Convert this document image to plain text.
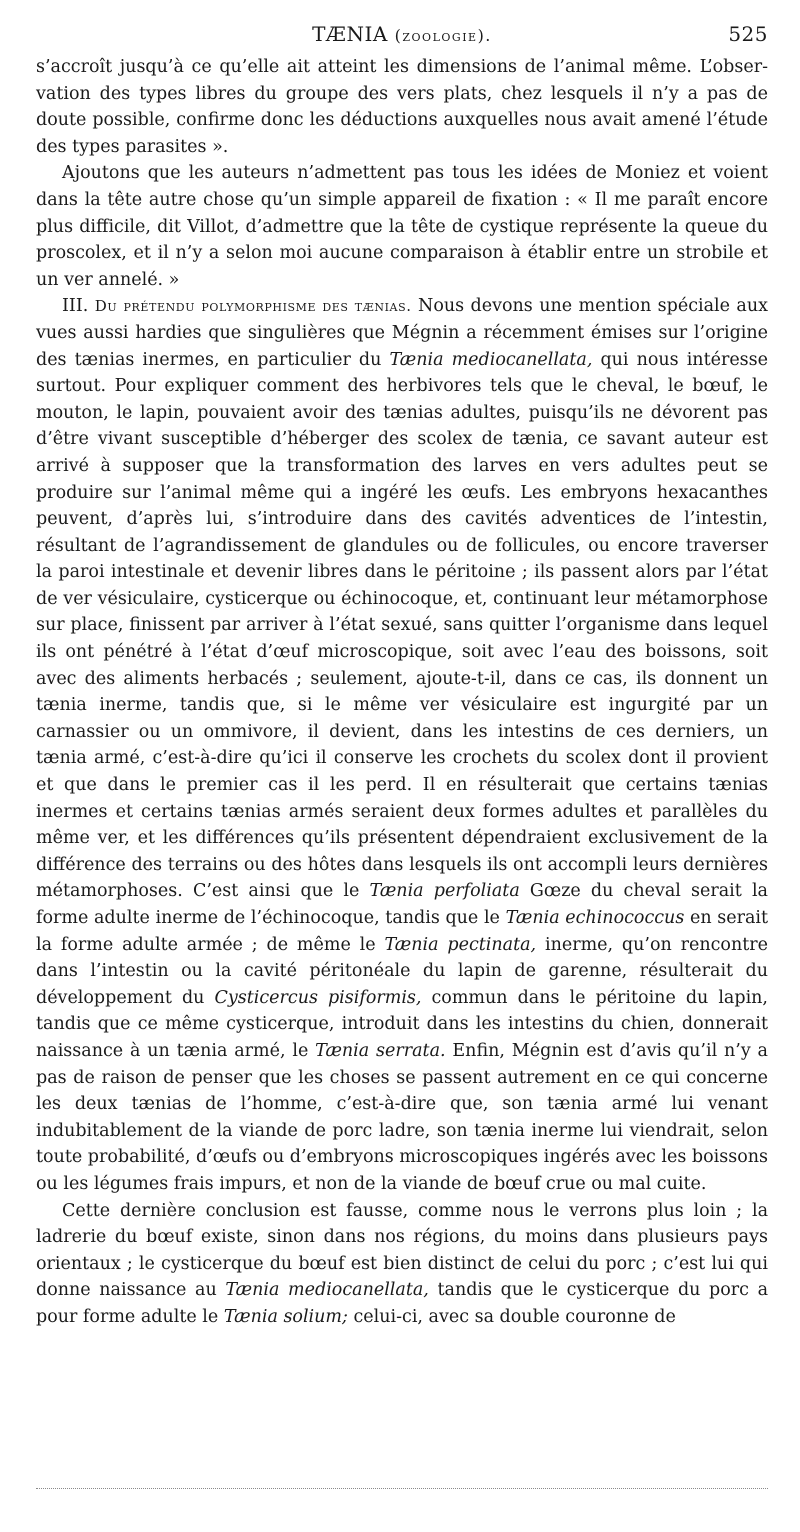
TÆNIA (zoologie).	525

s’accroît jusqu’à ce qu’elle ait atteint les dimensions de l’animal même. L’observation des types libres du groupe des vers plats, chez lesquels il n’y a pas de doute possible, confirme donc les déductions auxquelles nous avait amené l’étude des types parasites ».

Ajoutons que les auteurs n’admettent pas tous les idées de Moniez et voient dans la tête autre chose qu’un simple appareil de fixation : « Il me paraît encore plus difficile, dit Villot, d’admettre que la tête de cystique représente la queue du proscolex, et il n’y a selon moi aucune comparaison à établir entre un strobile et un ver annelé. »

III. Du prétendu polymorphisme des tænias. Nous devons une mention spéciale aux vues aussi hardies que singulières que Mégnin a récemment émises sur l’origine des tænias inermes, en particulier du Tænia mediocanellata, qui nous intéresse surtout. Pour expliquer comment des herbivores tels que le cheval, le bœuf, le mouton, le lapin, pouvaient avoir des tænias adultes, puisqu’ils ne dévorent pas d’être vivant susceptible d’héberger des scolex de tænia, ce savant auteur est arrivé à supposer que la transformation des larves en vers adultes peut se produire sur l’animal même qui a ingéré les œufs. Les embryons hexacanthes peuvent, d’après lui, s’introduire dans des cavités adventices de l’intestin, résultant de l’agrandissement de glandules ou de follicules, ou encore traverser la paroi intestinale et devenir libres dans le péritoine ; ils passent alors par l’état de ver vésiculaire, cysticerque ou échinocoque, et, continuant leur métamorphose sur place, finissent par arriver à l’état sexué, sans quitter l’organisme dans lequel ils ont pénétré à l’état d’œuf microscopique, soit avec l’eau des boissons, soit avec des aliments herbacés ; seulement, ajoute-t-il, dans ce cas, ils donnent un tænia inerme, tandis que, si le même ver vésiculaire est ingurgité par un carnassier ou un ommivore, il devient, dans les intestins de ces derniers, un tænia armé, c’est-à-dire qu’ici il conserve les crochets du scolex dont il provient et que dans le premier cas il les perd. Il en résulterait que certains tænias inermes et certains tænias armés seraient deux formes adultes et parallèles du même ver, et les différences qu’ils présentent dépendraient exclusivement de la différence des terrains ou des hôtes dans lesquels ils ont accompli leurs dernières métamorphoses. C’est ainsi que le Tænia perfoliata Gœze du cheval serait la forme adulte inerme de l’échinocoque, tandis que le Tænia echinococcus en serait la forme adulte armée ; de même le Tænia pectinata, inerme, qu’on rencontre dans l’intestin ou la cavité péritonéale du lapin de garenne, résulterait du développement du Cysticercus pisiformis, commun dans le péritoine du lapin, tandis que ce même cysticerque, introduit dans les intestins du chien, donnerait naissance à un tænia armé, le Tænia serrata. Enfin, Mégnin est d’avis qu’il n’y a pas de raison de penser que les choses se passent autrement en ce qui concerne les deux tænias de l’homme, c’est-à-dire que, son tænia armé lui venant indubitablement de la viande de porc ladre, son tænia inerme lui viendrait, selon toute probabilité, d’œufs ou d’embryons microscopiques ingérés avec les boissons ou les légumes frais impurs, et non de la viande de bœuf crue ou mal cuite.

Cette dernière conclusion est fausse, comme nous le verrons plus loin ; la ladrerie du bœuf existe, sinon dans nos régions, du moins dans plusieurs pays orientaux ; le cysticerque du bœuf est bien distinct de celui du porc ; c’est lui qui donne naissance au Tænia mediocanellata, tandis que le cysticerque du porc a pour forme adulte le Tænia solium; celui-ci, avec sa double couronne de
